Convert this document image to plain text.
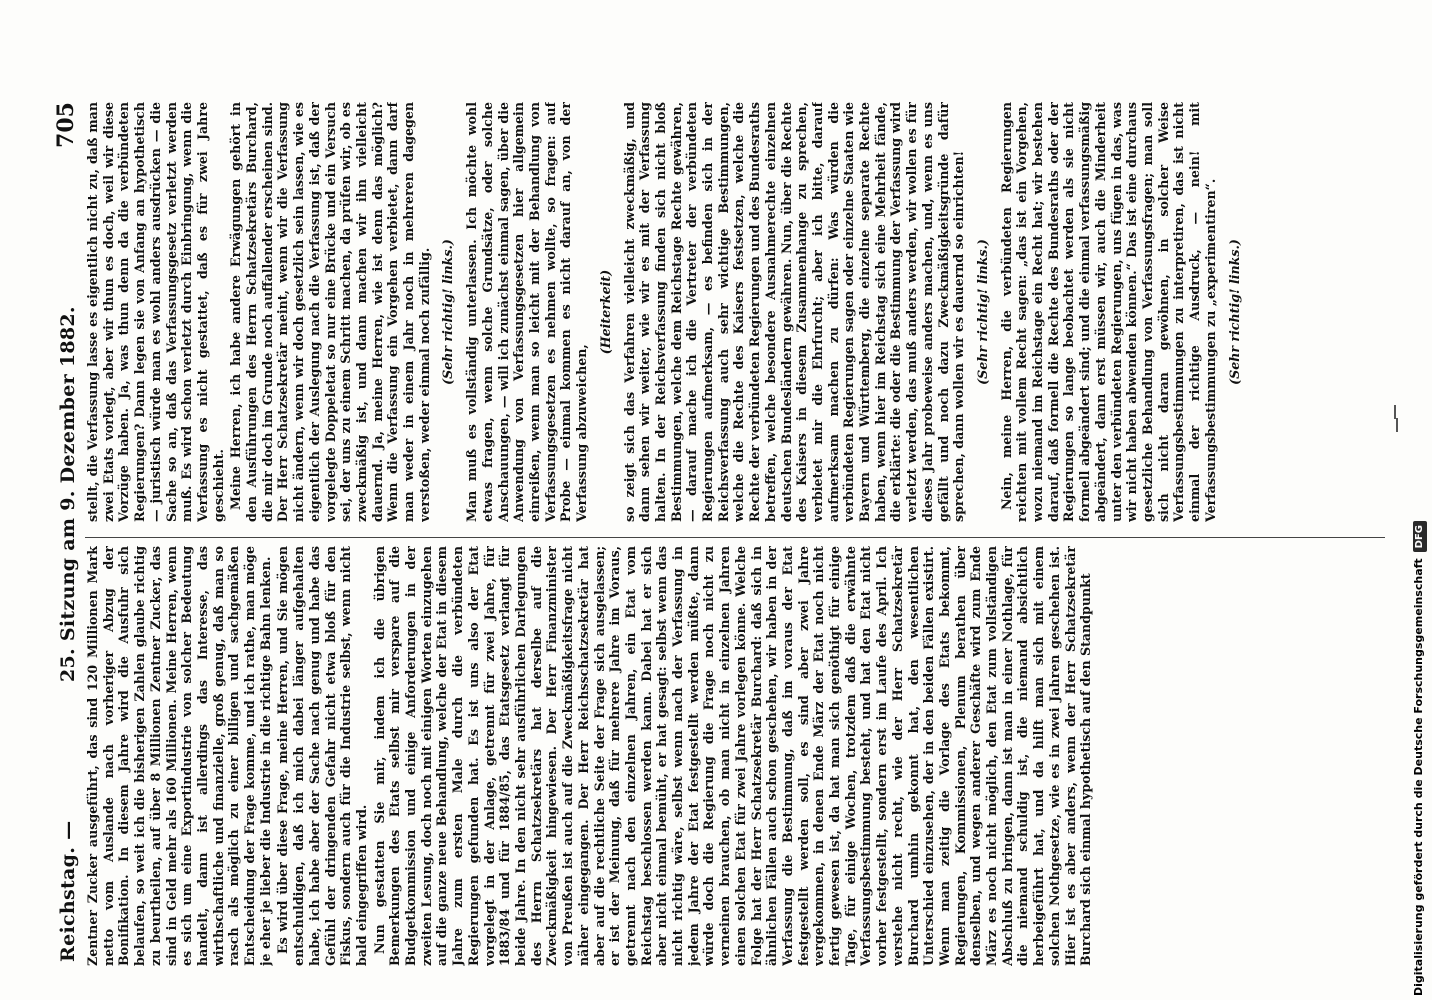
Reichstag. —
25. Sitzung am 9. Dezember 1882.
705

Zentner Zucker ausgeführt, das sind 120 Millionen Mark netto vom Auslande nach vorheriger Abzug der Bonifikation. In diesem Jahre wird die Ausfuhr sich belaufen, so weit ich die bisherigen Zahlen glaube richtig zu beurtheilen, auf über 8 Millionen Zentner Zucker, das sind in Geld mehr als 160 Millionen. Meine Herren, wenn es sich um eine Exportindustrie von solcher Bedeutung handelt, dann ist allerdings das Interesse, das wirthschaftliche und finanzielle, groß genug, daß man so rasch als möglich zu einer billigen und sachgemäßen Entscheidung der Frage komme, und ich rathe, man möge je eher je lieber die Industrie in die richtige Bahn lenken. Es wird über diese Frage, meine Herren, und Sie mögen entschuldigen, daß ich mich dabei länger aufgehalten habe, ich habe aber der Sache nach genug und habe das Gefühl der dringenden Gefahr nicht etwa bloß für den Fiskus, sondern auch für die Industrie selbst, wenn nicht bald eingegriffen wird. Nun gestatten Sie mir, indem ich die übrigen Bemerkungen des Etats selbst mir verspare auf die Budgetkommission und einige Anforderungen in der zweiten Lesung, doch noch mit einigen Worten einzugehen auf die ganze neue Behandlung, welche der Etat in diesem Jahre zum ersten Male durch die verbündeten Regierungen gefunden hat. Es ist uns also der Etat vorgelegt in der Anlage, getrennt für zwei Jahre, für 1883/84 und für 1884/85, das Etatsgesetz verlangt für beide Jahre. In den nicht sehr ausführlichen Darlegungen des Herrn Schatzsekretärs hat derselbe auf die Zweckmäßigkeit hingewiesen. Der Herr Finanzminister von Preußen ist auch auf die Zweckmäßigkeitsfrage nicht näher eingegangen. Der Herr Reichsschatzsekretär hat aber auf die rechtliche Seite der Frage sich ausgelassen; er ist der Meinung, daß für mehrere Jahre im Voraus, getrennt nach den einzelnen Jahren, ein Etat vom Reichstag beschlossen werden kann. Dabei hat er sich aber nicht einmal bemüht, er hat gesagt: selbst wenn das nicht richtig wäre, selbst wenn nach der Verfassung in jedem Jahre der Etat festgestellt werden müßte, dann würde doch die Regierung die Frage noch nicht zu verneinen brauchen, ob man nicht in einzelnen Jahren einen solchen Etat für zwei Jahre vorlegen könne. Welche Folge hat der Herr Schatzsekretär Burchard: daß sich in ähnlichen Fällen auch schon geschehen, wir haben in der Verfassung die Bestimmung, daß im voraus der Etat festgestellt werden soll, es sind aber zwei Jahre vergekommen, in denen Ende März der Etat noch nicht fertig gewesen ist, da hat man sich genöthigt für einige Tage, für einige Wochen, trotzdem daß die erwähnte Verfassungsbestimmung besteht, und hat den Etat nicht vorher festgestellt, sondern erst im Laufe des April. Ich verstehe nicht recht, wie der Herr Schatzsekretär Burchard umhin gekonnt hat, den wesentlichen Unterschied einzusehen, der in den beiden Fällen existirt. Wenn man zeitig die Vorlage des Etats bekommt, Regierungen, Kommissionen, Plenum berathen über denselben, und wegen anderer Geschäfte wird zum Ende März es noch nicht möglich, den Etat zum vollständigen Abschluß zu bringen, dann ist man in einer Nothlage, für die niemand schuldig ist, die niemand absichtlich herbeigeführt hat, und da hilft man sich mit einem solchen Nothgesetze, wie es in zwei Jahren geschehen ist. Hier ist es aber anders, wenn der Herr Schatzsekretär Burchard sich einmal hypothetisch auf den Standpunkt

stellt, die Verfassung lasse es eigentlich nicht zu, daß man zwei Etats vorlegt, aber wir thun es doch, weil wir diese Vorzüge haben. Ja, was thun denn da die verbündeten Regierungen? Dann legen sie von Anfang an hypothetisch — juristisch würde man es wohl anders ausdrücken — die Sache so an, daß das Verfassungsgesetz verletzt werden muß. Es wird schon verletzt durch Einbringung, wenn die Verfassung es nicht gestattet, daß es für zwei Jahre geschieht. Meine Herren, ich habe andere Erwägungen gehört in den Ausführungen des Herrn Schatzsekretärs Burchard, die mir doch im Grunde noch auffallender erscheinen sind. Der Herr Schatzsekretär meint, wenn wir die Verfassung nicht ändern, wenn wir doch gesetzlich sein lassen, wie es eigentlich der Auslegung nach die Verfassung ist, daß der vorgelegte Doppeletat so nur eine Brücke und ein Versuch sei, der uns zu einem Schritt machen, da prüfen wir, ob es zweckmäßig ist, und dann machen wir ihn vielleicht dauernd. Ja, meine Herren, wie ist denn das möglich? Wenn die Verfassung ein Vorgehen verbietet, dann darf man weder in einem Jahr noch in mehreren dagegen verstoßen, weder einmal noch zufällig. (Sehr richtig! links.) Man muß es vollständig unterlassen. Ich möchte wohl etwas fragen, wenn solche Grundsätze, oder solche Anschauungen, — will ich zunächst einmal sagen, über die Anwendung von Verfassungsgesetzen hier allgemein einreißen, wenn man so leicht mit der Behandlung von Verfassungsgesetzen es nehmen wollte, so fragen: auf Probe — einmal kommen es nicht darauf an, von der Verfassung abzuweichen,

(Heiterkeit) so zeigt sich das Verfahren vielleicht zweckmäßig, und dann sehen wir weiter, wie wir es mit der Verfassung halten. In der Reichsverfassung finden sich nicht bloß Bestimmungen, welche dem Reichstage Rechte gewähren, — darauf mache ich die Vertreter der verbündeten Regierungen aufmerksam, — es befinden sich in der Reichsverfassung auch sehr wichtige Bestimmungen, welche die Rechte des Kaisers festsetzen, welche die Rechte der verbündeten Regierungen und des Bundesraths betreffen, welche besondere Ausnahmerechte einzelnen deutschen Bundesländern gewähren. Nun, über die Rechte des Kaisers in diesem Zusammenhange zu sprechen, verbietet mir die Ehrfurcht; aber ich bitte, darauf aufmerksam machen zu dürfen: Was würden die verbündeten Regierungen sagen oder einzelne Staaten wie Bayern und Württemberg, die einzelne separate Rechte haben, wenn hier im Reichstag sich eine Mehrheit fände, die erklärte: die oder die Bestimmung der Verfassung wird verletzt werden, das muß anders werden, wir wollen es für dieses Jahr probeweise anders machen, und, wenn es uns gefällt und noch dazu Zweckmäßigkeitsgründe dafür sprechen, dann wollen wir es dauernd so einrichten! (Sehr richtig! links.) Nein, meine Herren, die verbündeten Regierungen reichten mit vollem Recht sagen: „das ist ein Vorgehen, wozu niemand im Reichstage ein Recht hat; wir bestehen darauf, daß formell die Rechte des Bundesraths oder der Regierungen so lange beobachtet werden als sie nicht formell abgeändert sind; und die einmal verfassungsmäßig abgeändert, dann erst müssen wir, auch die Minderheit unter den verbündeten Regierungen, uns fügen in das, was wir nicht haben abwenden können.“ Das ist eine durchaus gesetzliche Behandlung von Verfassungsfragen; man soll sich nicht daran gewöhnen, in solcher Weise Verfassungsbestimmungen zu interpretiren, das ist nicht einmal der richtige Ausdruck, — nein! mit Verfassungsbestimmungen zu „experimentiren“. (Sehr richtig! links.)

Digitalisierung gefördert durch die Deutsche ForschungsgemeinschaftDFG
